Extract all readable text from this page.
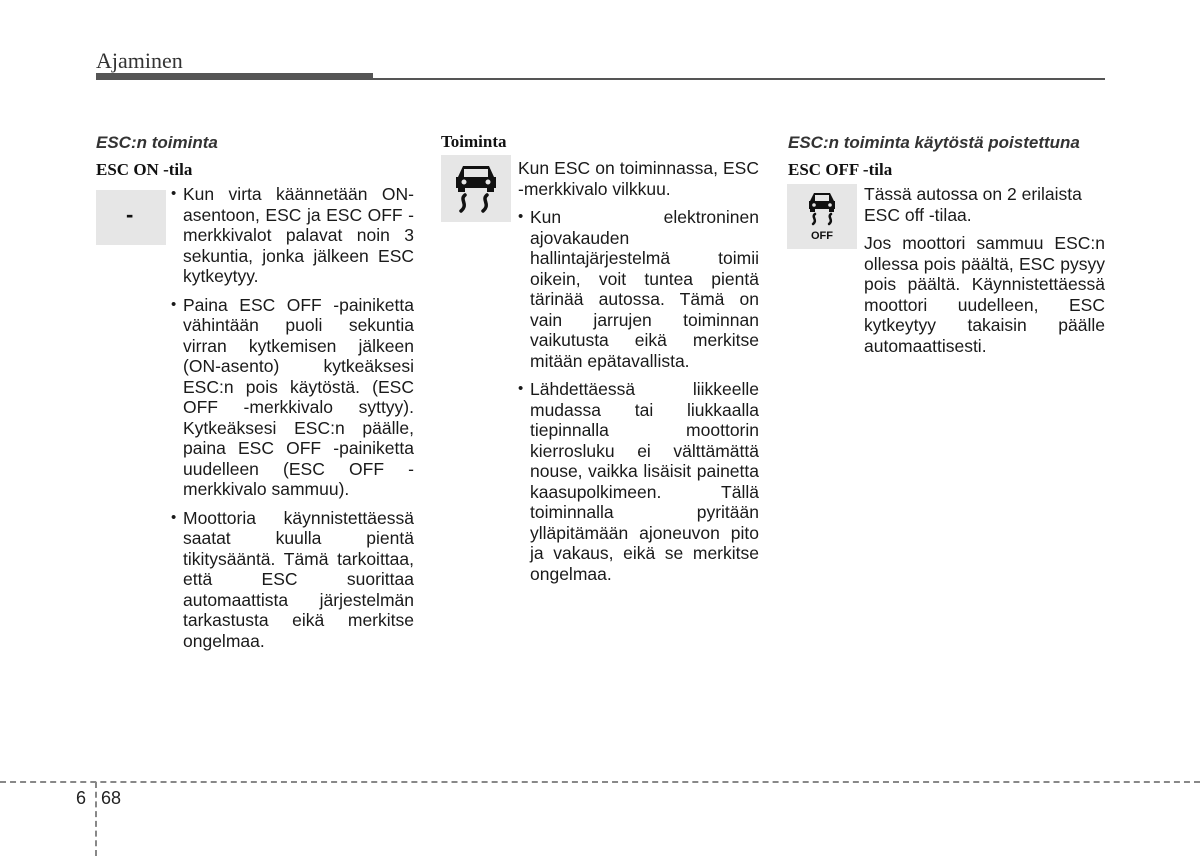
Ajaminen
ESC:n toiminta
ESC ON -tila
-
• Kun virta käännetään ON-asentoon, ESC ja ESC OFF -merkkivalot palavat noin 3 sekuntia, jonka jälkeen ESC kytkeytyy.
• Paina ESC OFF -painiketta vähintään puoli sekuntia virran kytkemisen jälkeen (ON-asento) kytkeäksesi ESC:n pois käytöstä. (ESC OFF -merkkivalo syttyy). Kytkeäksesi ESC:n päälle, paina ESC OFF -painiketta uudelleen (ESC OFF -merkkivalo sammuu).
• Moottoria käynnistettäessä saatat kuulla pientä tikitysääntä. Tämä tarkoittaa, että ESC suorittaa automaattista järjestelmän tarkastusta eikä merkitse ongelmaa.
Toiminta
Kun ESC on toiminnassa, ESC -merkkivalo vilkkuu.
• Kun elektroninen ajovakauden hallintajärjestelmä toimii oikein, voit tuntea pientä tärinää autossa. Tämä on vain jarrujen toiminnan vaikutusta eikä merkitse mitään epätavallista.
• Lähdettäessä liikkeelle mudassa tai liukkaalla tiepinnalla moottorin kierrosluku ei välttämättä nouse, vaikka lisäisit painetta kaasupolkimeen. Tällä toiminnalla pyritään ylläpitämään ajoneuvon pito ja vakaus, eikä se merkitse ongelmaa.
ESC:n toiminta käytöstä poistettuna
ESC OFF -tila
OFF
Tässä autossa on 2 erilaista ESC off -tilaa.
Jos moottori sammuu ESC:n ollessa pois päältä, ESC pysyy pois päältä. Käynnistettäessä moottori uudelleen, ESC kytkeytyy takaisin päälle automaattisesti.
6 68
